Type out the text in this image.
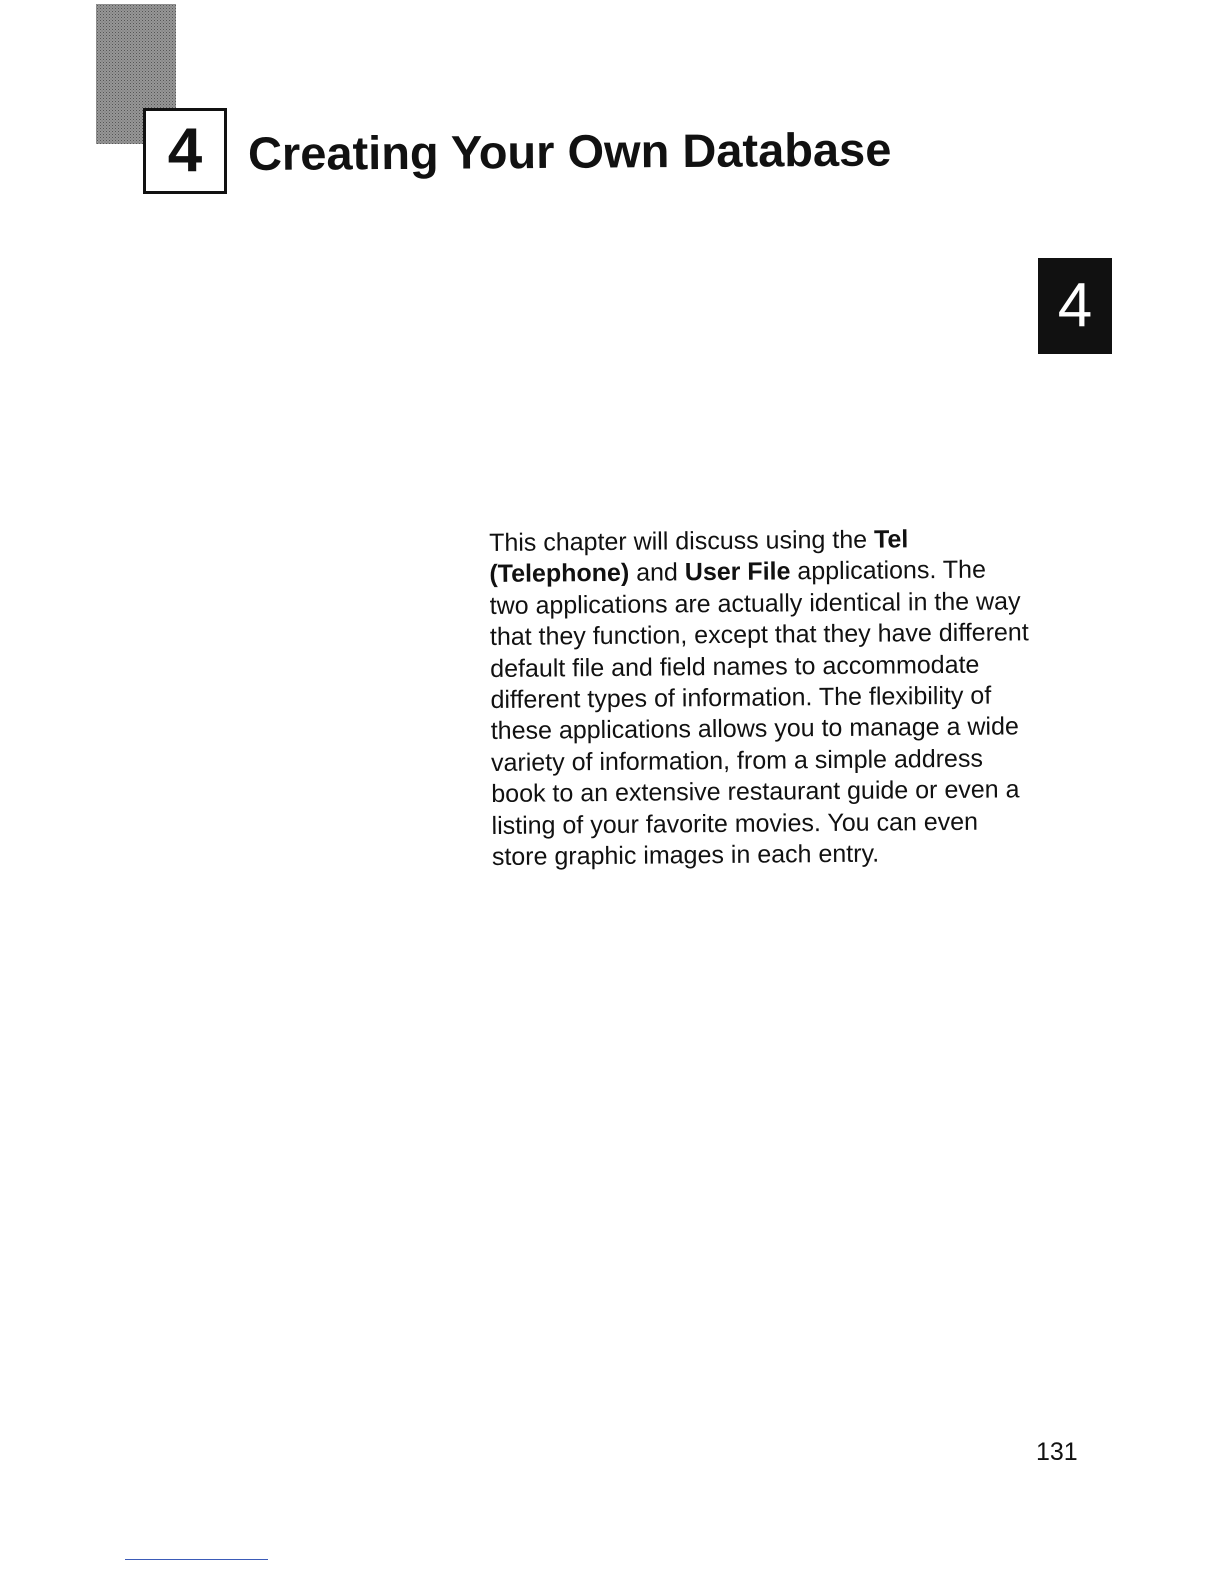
4 Creating Your Own Database
4

This chapter will discuss using the Tel
(Telephone) and User File applications. The two applications are actually identical in the way that they function, except that they have different default file and field names to accommodate different types of information. The flexibility of these applications allows you to manage a wide variety of information, from a simple address book to an extensive restaurant guide or even a listing of your favorite movies. You can even store graphic images in each entry.

131
